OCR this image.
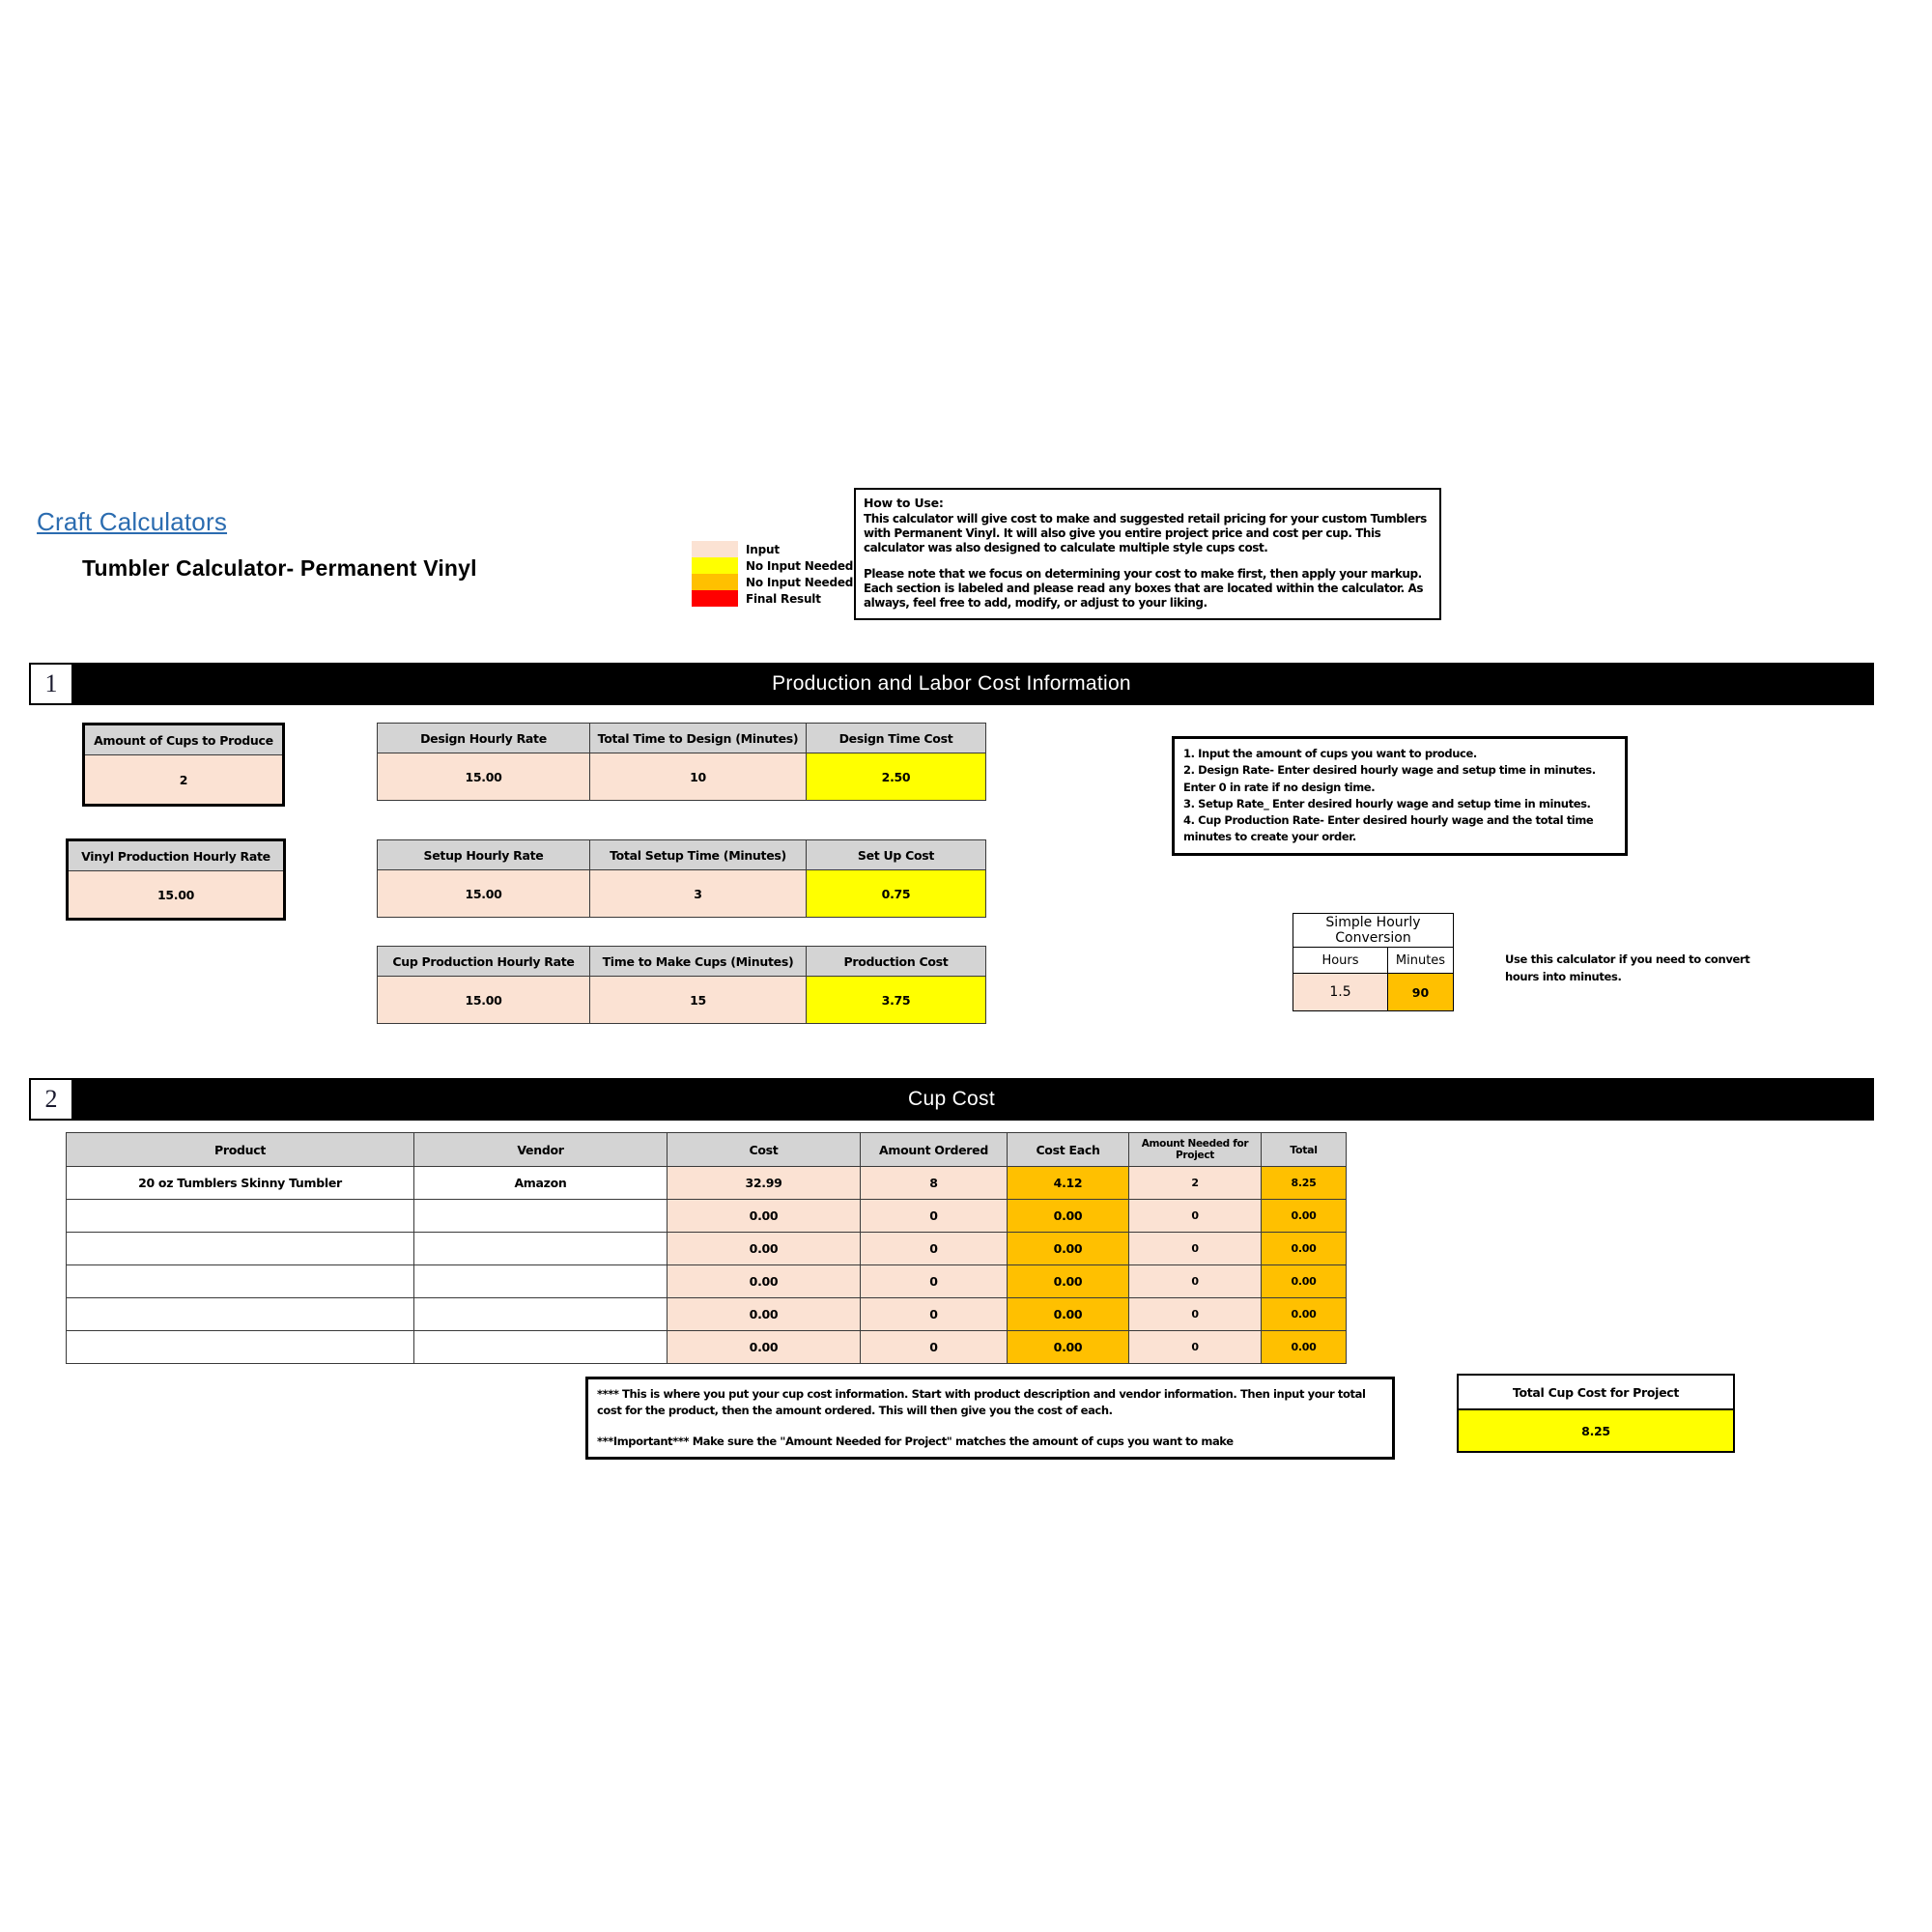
Craft Calculators
Tumbler Calculator- Permanent Vinyl
Input
No Input Needed
No Input Needed
Final Result
How to Use:
This calculator will give cost to make and suggested retail pricing for your custom Tumblers with Permanent Vinyl. It will also give you entire project price and cost per cup. This calculator was also designed to calculate multiple style cups cost.
Please note that we focus on determining your cost to make first, then apply your markup. Each section is labeled and please read any boxes that are located within the calculator. As always, feel free to add, modify, or adjust to your liking.
Production and Labor Cost Information
1
Amount of Cups to Produce
2
Vinyl Production Hourly Rate
15.00
Design Hourly Rate	Total Time to Design (Minutes)	Design Time Cost
15.00	10	2.50
Setup Hourly Rate	Total Setup Time (Minutes)	Set Up Cost
15.00	3	0.75
Cup Production Hourly Rate	Time to Make Cups (Minutes)	Production Cost
15.00	15	3.75

1. Input the amount of cups you want to produce.

2. Design Rate- Enter desired hourly wage and setup time in minutes. Enter 0 in rate if no design time.

3. Setup Rate_ Enter desired hourly wage and setup time in minutes.

4. Cup Production Rate- Enter desired hourly wage and the total time minutes to create your order.

Simple Hourly Conversion	
Hours	Minutes
1.5	90
Use this calculator if you need to convert hours into minutes.
Cup Cost
2
Product	Vendor	Cost	Amount Ordered	Cost Each	Amount Needed for Project	Total
20 oz Tumblers Skinny Tumbler	Amazon	32.99	8	4.12	2	8.25
		0.00	0	0.00	0	0.00
		0.00	0	0.00	0	0.00
		0.00	0	0.00	0	0.00
		0.00	0	0.00	0	0.00
		0.00	0	0.00	0	0.00

**** This is where you put your cup cost information. Start with product description and vendor information. Then input your total cost for the product, then the amount ordered. This will then give you the cost of each.

***Important*** Make sure the "Amount Needed for Project" matches the amount of cups you want to make

Total Cup Cost for Project
8.25
